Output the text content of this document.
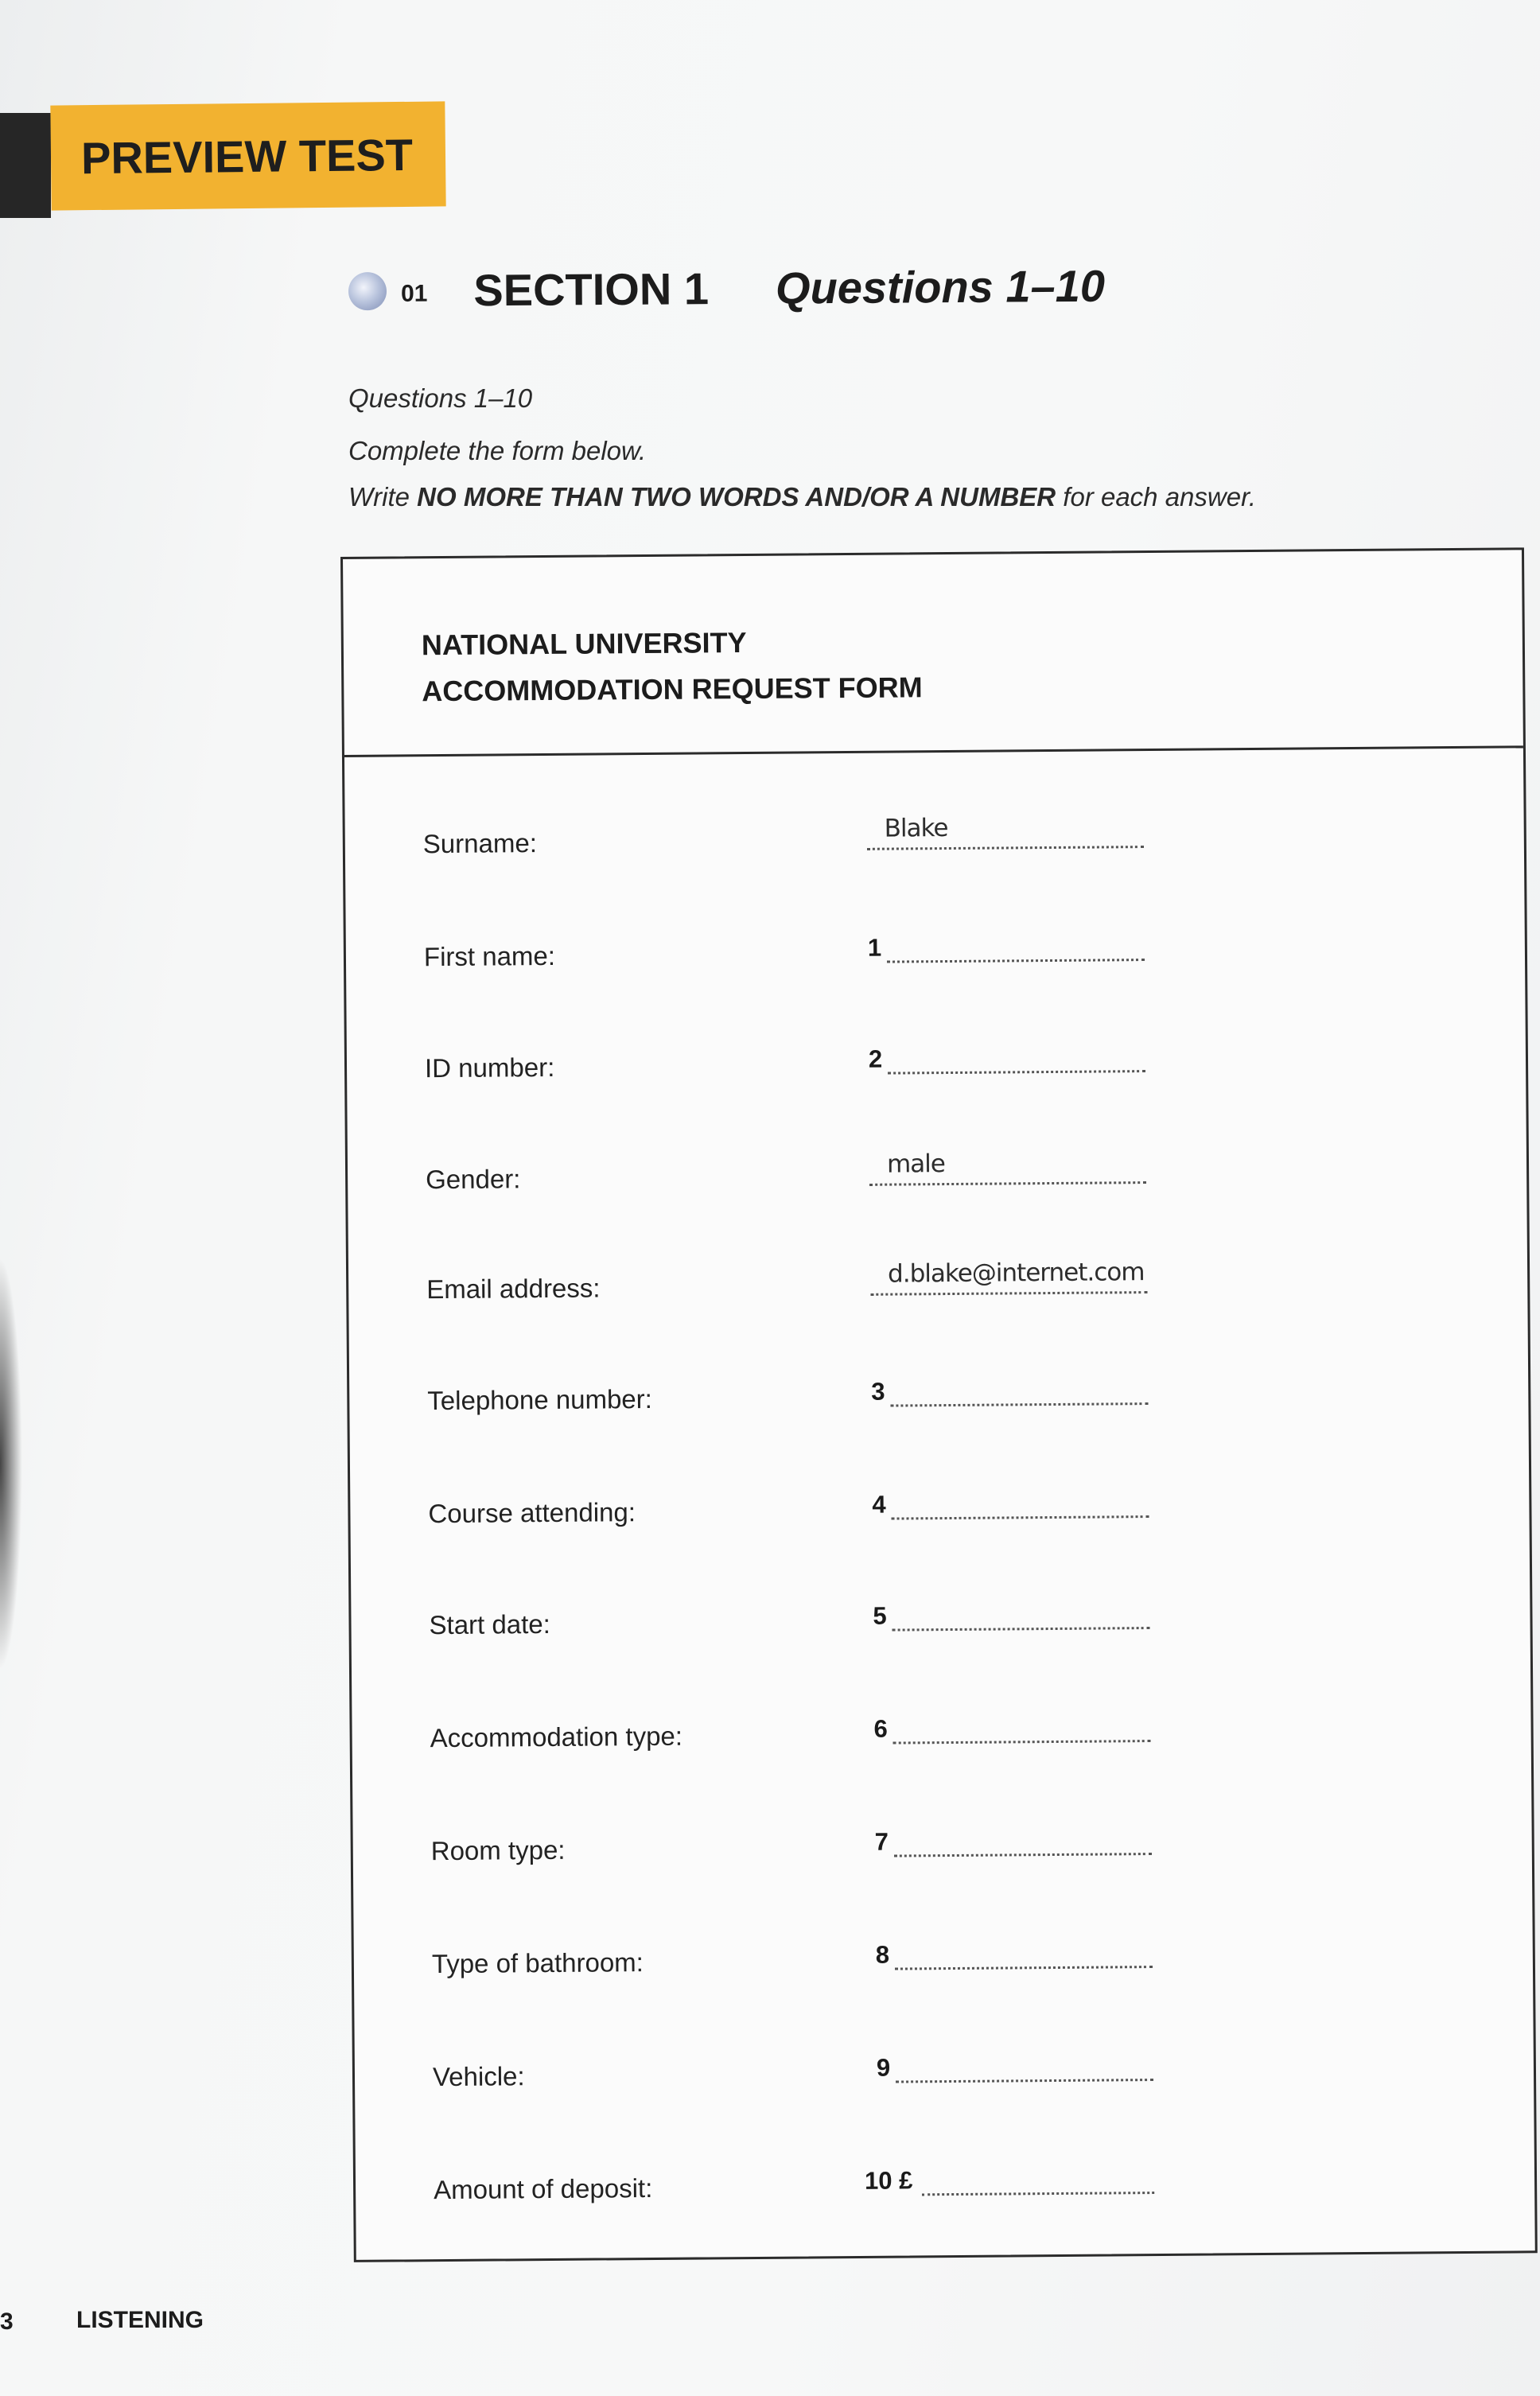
PREVIEW TEST
01 SECTION 1 Questions 1–10
Questions 1–10
Complete the form below.
Write NO MORE THAN TWO WORDS AND/OR A NUMBER for each answer.
NATIONAL UNIVERSITY
ACCOMMODATION REQUEST FORM
Surname:	Blake
First name:	1
ID number:	2
Gender:	male
Email address:
d.blake@internet.com
Telephone number:	3
Course attending:	4
Start date:	5
Accommodation type:	6
Room type:	7
Type of bathroom:	8
Vehicle:	9
Amount of deposit:	10 £
3	LISTENING
